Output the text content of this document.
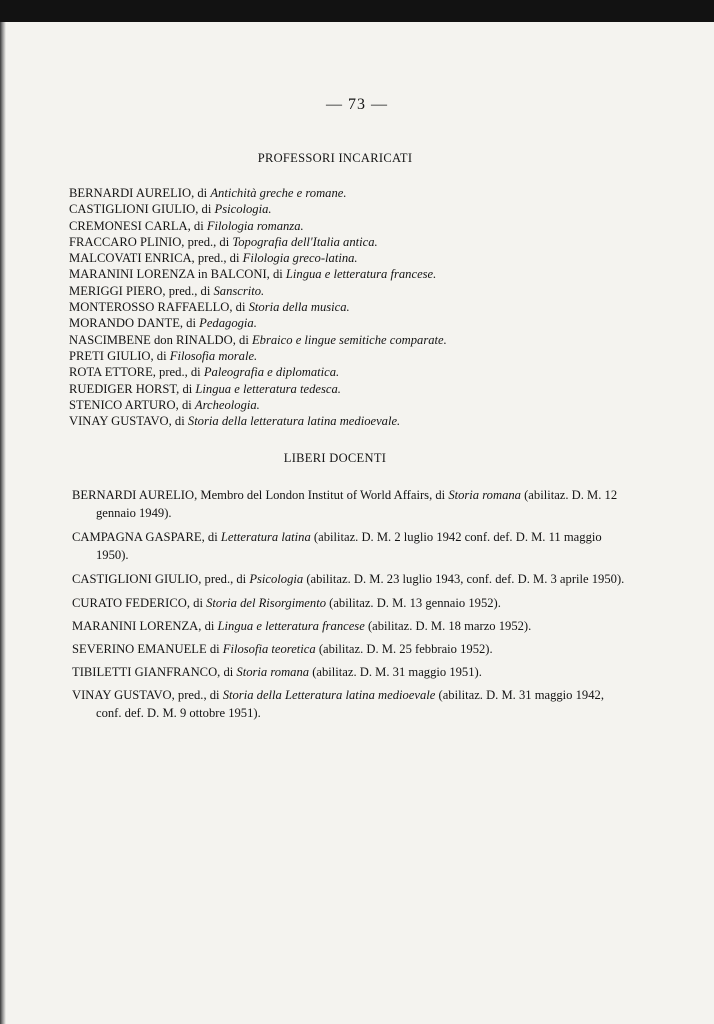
— 73 —
PROFESSORI INCARICATI
BERNARDI AURELIO, di Antichità greche e romane.
CASTIGLIONI GIULIO, di Psicologia.
CREMONESI CARLA, di Filologia romanza.
FRACCARO PLINIO, pred., di Topografia dell'Italia antica.
MALCOVATI ENRICA, pred., di Filologia greco-latina.
MARANINI LORENZA in BALCONI, di Lingua e letteratura francese.
MERIGGI PIERO, pred., di Sanscrito.
MONTEROSSO RAFFAELLO, di Storia della musica.
MORANDO DANTE, di Pedagogia.
NASCIMBENE don RINALDO, di Ebraico e lingue semitiche comparate.
PRETI GIULIO, di Filosofia morale.
ROTA ETTORE, pred., di Paleografia e diplomatica.
RUEDIGER HORST, di Lingua e letteratura tedesca.
STENICO ARTURO, di Archeologia.
VINAY GUSTAVO, di Storia della letteratura latina medioevale.
LIBERI DOCENTI
BERNARDI AURELIO, Membro del London Institut of World Affairs, di Storia romana (abilitaz. D. M. 12 gennaio 1949).
CAMPAGNA GASPARE, di Letteratura latina (abilitaz. D. M. 2 luglio 1942 conf. def. D. M. 11 maggio 1950).
CASTIGLIONI GIULIO, pred., di Psicologia (abilitaz. D. M. 23 luglio 1943, conf. def. D. M. 3 aprile 1950).
CURATO FEDERICO, di Storia del Risorgimento (abilitaz. D. M. 13 gennaio 1952).
MARANINI LORENZA, di Lingua e letteratura francese (abilitaz. D. M. 18 marzo 1952).
SEVERINO EMANUELE di Filosofia teoretica (abilitaz. D. M. 25 febbraio 1952).
TIBILETTI GIANFRANCO, di Storia romana (abilitaz. D. M. 31 maggio 1951).
VINAY GUSTAVO, pred., di Storia della Letteratura latina medioevale (abilitaz. D. M. 31 maggio 1942, conf. def. D. M. 9 ottobre 1951).
